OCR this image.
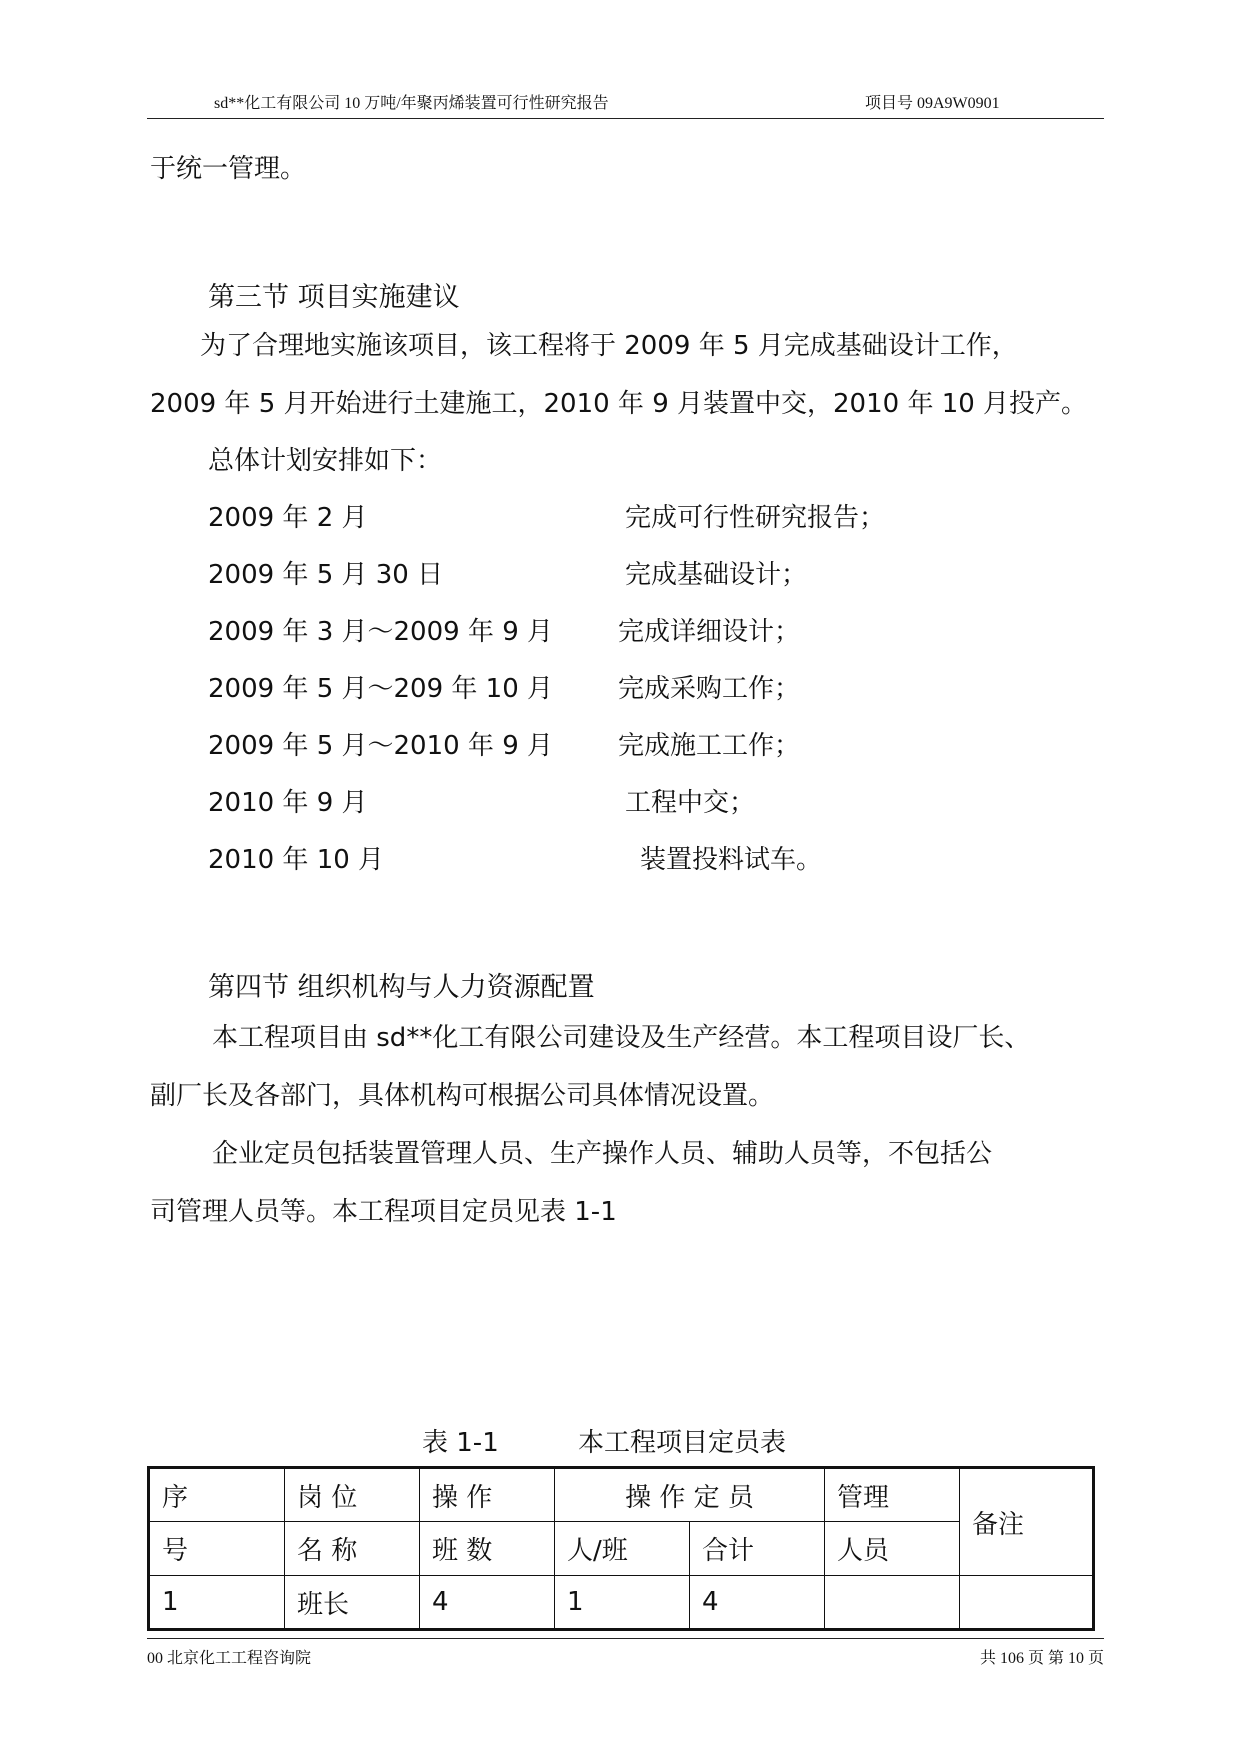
sd**化工有限公司 10 万吨/年聚丙烯装置可行性研究报告	项目号 09A9W0901
于统一管理。
第三节 项目实施建议
为了合理地实施该项目，该工程将于 2009 年 5 月完成基础设计工作，
2009 年 5 月开始进行土建施工，2010 年 9 月装置中交，2010 年 10 月投产。
总体计划安排如下：
2009 年 2 月	完成可行性研究报告；
2009 年 5 月 30 日	完成基础设计；
2009 年 3 月～2009 年 9 月 完成详细设计；
2009 年 5 月～209 年 10 月 完成采购工作；
2009 年 5 月～2010 年 9 月 完成施工工作；
2010 年 9 月	工程中交；
2010 年 10 月	装置投料试车。
第四节 组织机构与人力资源配置
本工程项目由 sd**化工有限公司建设及生产经营。本工程项目设厂长、
副厂长及各部门，具体机构可根据公司具体情况设置。
企业定员包括装置管理人员、生产操作人员、辅助人员等，不包括公
司管理人员等。本工程项目定员见表 1-1
表 1-1	本工程项目定员表
序	岗 位	操 作	操 作 定 员		管理	备注
号	名 称	班 数	人/班	合计	人员	
1	班长	4	1	4		
00 北京化工工程咨询院	共 106 页 第 10 页
